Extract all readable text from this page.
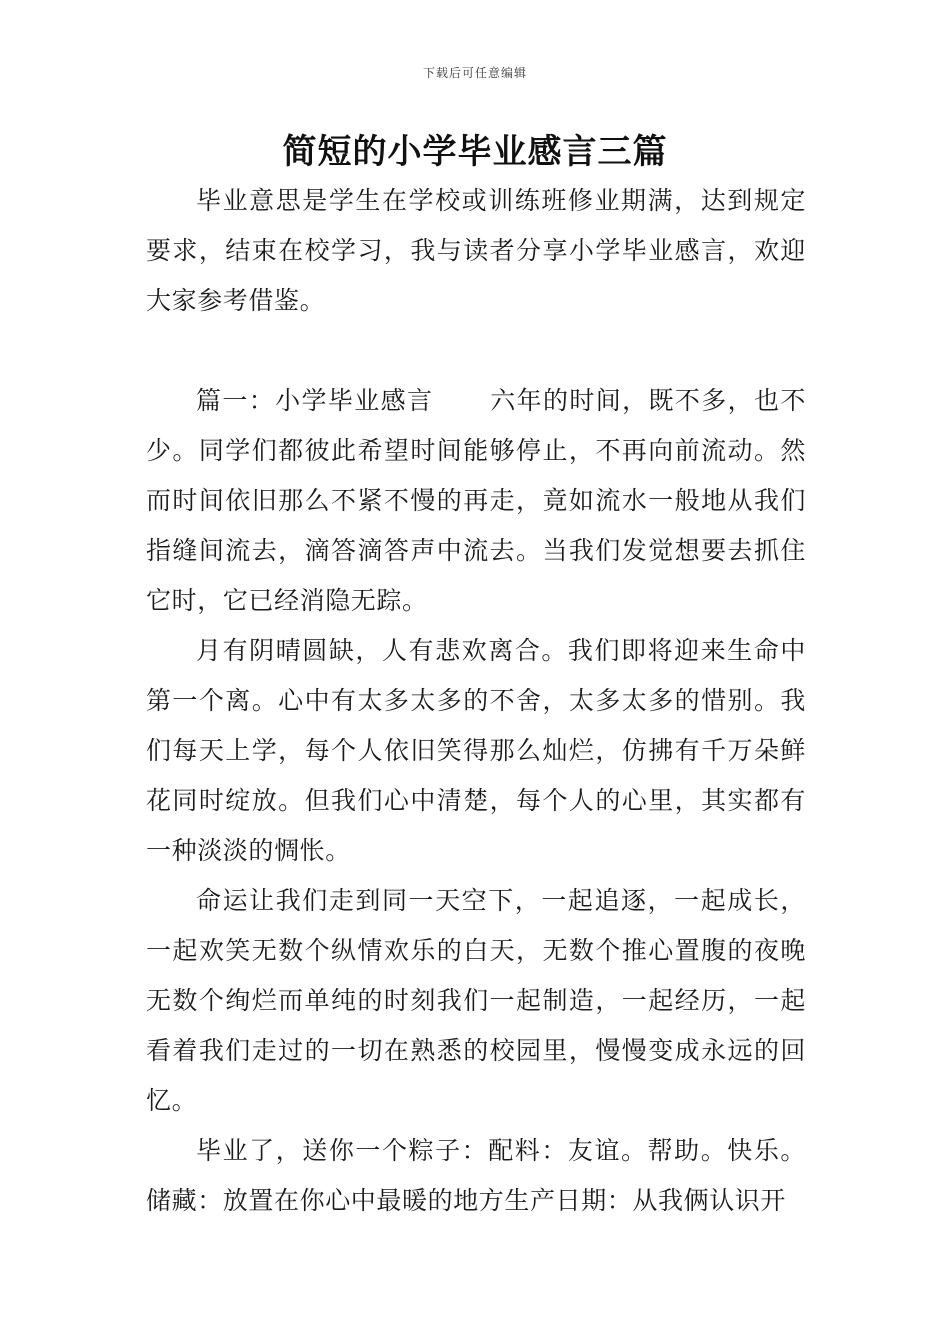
下载后可任意编辑
简短的小学毕业感言三篇

毕业意思是学生在学校或训练班修业期满，达到规定要求，结束在校学习，我与读者分享小学毕业感言，欢迎大家参考借鉴。

篇一：小学毕业感言 六年的时间，既不多，也不少。同学们都彼此希望时间能够停止，不再向前流动。然而时间依旧那么不紧不慢的再走，竟如流水一般地从我们指缝间流去，滴答滴答声中流去。当我们发觉想要去抓住它时，它已经消隐无踪。

月有阴晴圆缺，人有悲欢离合。我们即将迎来生命中第一个离。心中有太多太多的不舍，太多太多的惜别。我们每天上学，每个人依旧笑得那么灿烂，仿拂有千万朵鲜花同时绽放。但我们心中清楚，每个人的心里，其实都有一种淡淡的惆怅。

命运让我们走到同一天空下，一起追逐，一起成长，一起欢笑无数个纵情欢乐的白天，无数个推心置腹的夜晚无数个绚烂而单纯的时刻我们一起制造，一起经历，一起看着我们走过的一切在熟悉的校园里，慢慢变成永远的回忆。

毕业了，送你一个粽子：配料：友谊。帮助。快乐。储藏：放置在你心中最暖的地方生产日期：从我俩认识开
